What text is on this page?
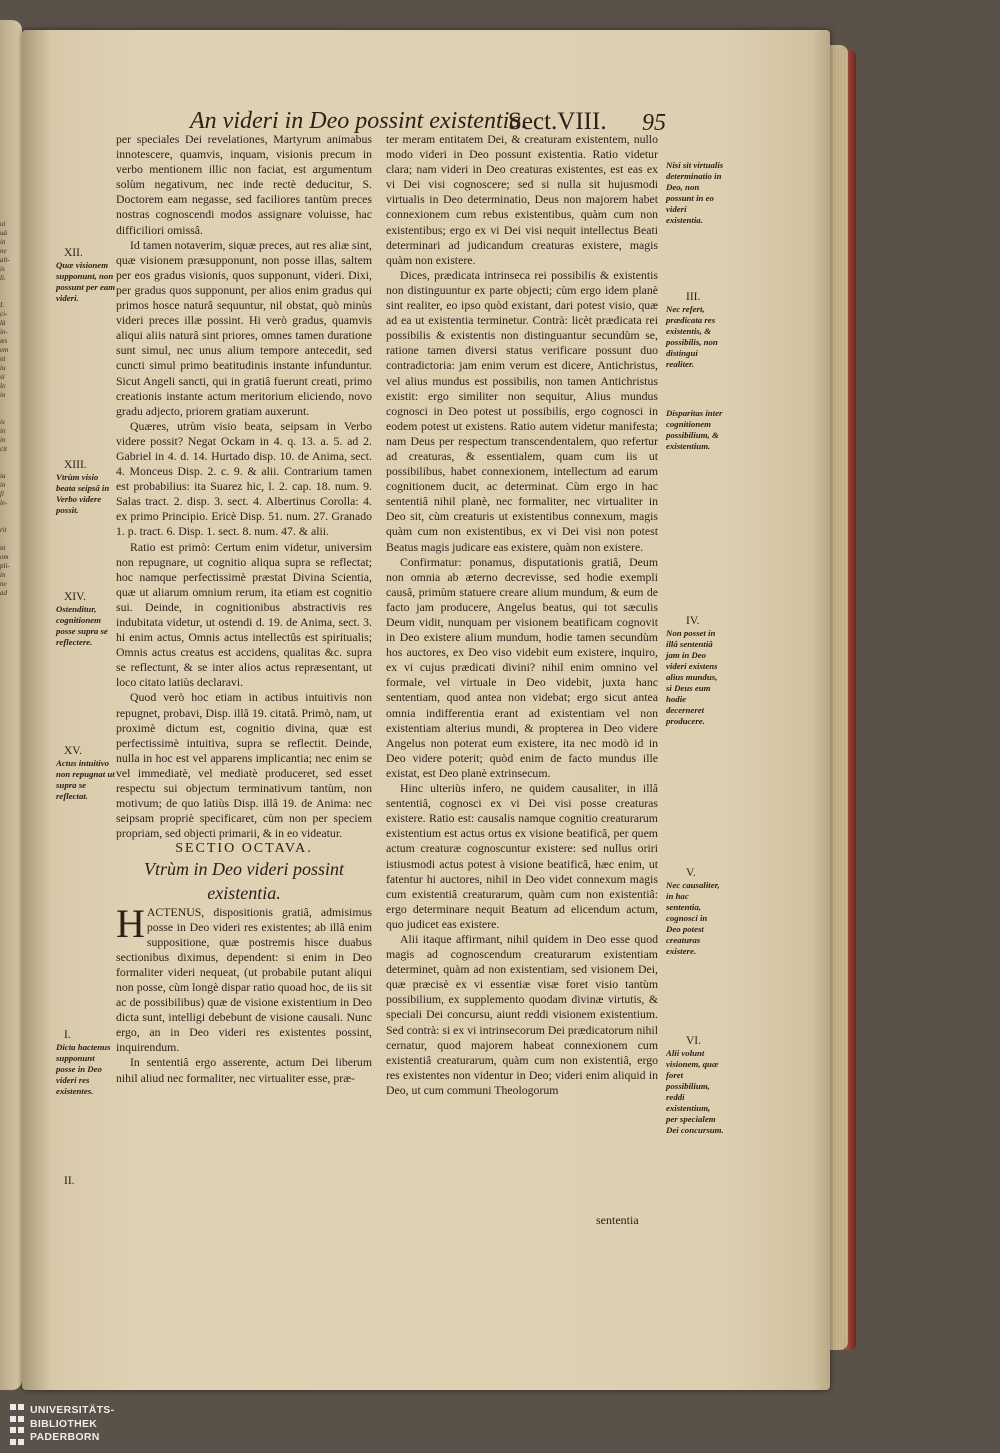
ui
uà
in
ne
alt-
is
li.

I.
ci-
là
in-
œs
em
nt
iu
si
lo
in

is
in
in
cit

ia
in
fi
le-

rit

nt
om
pli-
in
ne
ad
An videri in Deo possint existentia.
Sect.VIII. 95

per speciales Dei revelationes, Martyrum animabus innotescere, quamvis, inquam, visionis precum in verbo mentionem illic non faciat, est argumentum solùm negativum, nec inde rectè deducitur, S. Doctorem eam negasse, sed faciliores tantùm preces nostras cognoscendi modos assignare voluisse, hac difficiliori omissâ.

Id tamen notaverim, siquæ preces, aut res aliæ sint, quæ visionem præsupponunt, non posse illas, saltem per eos gradus visionis, quos supponunt, videri. Dixi, per gradus quos supponunt, per alios enim gradus qui primos hosce naturâ sequuntur, nil obstat, quò minùs videri preces illæ possint. Hi verò gradus, quamvis aliqui aliis naturâ sint priores, omnes tamen duratione sunt simul, nec unus alium tempore antecedit, sed cuncti simul primo beatitudinis instante infunduntur. Sicut Angeli sancti, qui in gratiâ fuerunt creati, primo creationis instante actum meritorium eliciendo, novo gradu adjecto, priorem gratiam auxerunt.

Quæres, utrùm visio beata, seipsam in Verbo videre possit? Negat Ockam in 4. q. 13. a. 5. ad 2. Gabriel in 4. d. 14. Hurtado disp. 10. de Anima, sect. 4. Monceus Disp. 2. c. 9. & alii. Contrarium tamen est probabilius: ita Suarez hic, l. 2. cap. 18. num. 9. Salas tract. 2. disp. 3. sect. 4. Albertinus Corolla: 4. ex primo Principio. Ericè Disp. 51. num. 27. Granado 1. p. tract. 6. Disp. 1. sect. 8. num. 47. & alii.

Ratio est primò: Certum enim videtur, universim non repugnare, ut cognitio aliqua supra se reflectat; hoc namque perfectissimè præstat Divina Scientia, quæ ut aliarum omnium rerum, ita etiam est cognitio sui. Deinde, in cognitionibus abstractivis res indubitata videtur, ut ostendi d. 19. de Anima, sect. 3. hi enim actus, Omnis actus intellectûs est spiritualis; Omnis actus creatus est accidens, qualitas &c. supra se reflectunt, & se inter alios actus repræsentant, ut loco citato latiùs declaravi.

Quod verò hoc etiam in actibus intuitivis non repugnet, probavi, Disp. illâ 19. citatâ. Primò, nam, ut proximè dictum est, cognitio divina, quæ est perfectissimè intuitiva, supra se reflectit. Deinde, nulla in hoc est vel apparens implicantia; nec enim se vel immediatè, vel mediatè produceret, sed esset respectu sui objectum terminativum tantùm, non motivum; de quo latiùs Disp. illâ 19. de Anima: nec seipsam propriè specificaret, cùm non per speciem propriam, sed objecti primarii, & in eo videatur.

SECTIO OCTAVA.

Vtrùm in Deo videri possint existentia.

HACTENUS, dispositionis gratiâ, admisimus posse in Deo videri res existentes; ab illâ enim suppositione, quæ postremis hisce duabus sectionibus diximus, dependent: si enim in Deo formaliter videri nequeat, (ut probabile putant aliqui non posse, cùm longè dispar ratio quoad hoc, de iis sit ac de possibilibus) quæ de visione existentium in Deo dicta sunt, intelligi debebunt de visione causali. Nunc ergo, an in Deo videri res existentes possint, inquirendum.

In sententiâ ergo asserente, actum Dei liberum nihil aliud nec formaliter, nec virtualiter esse, præ-

ter meram entitatem Dei, & creaturam existentem, nullo modo videri in Deo possunt existentia. Ratio videtur clara; nam videri in Deo creaturas existentes, est eas ex vi Dei visi cognoscere; sed si nulla sit hujusmodi virtualis in Deo determinatio, Deus non majorem habet connexionem cum rebus existentibus, quàm cum non existentibus; ergo ex vi Dei visi nequit intellectus Beati determinari ad judicandum creaturas existere, magis quàm non existere.

Dices, prædicata intrinseca rei possibilis & existentis non distinguuntur ex parte objecti; cùm ergo idem planè sint realiter, eo ipso quòd existant, dari potest visio, quæ ad ea ut existentia terminetur. Contrà: licèt prædicata rei possibilis & existentis non distinguantur secundùm se, ratione tamen diversi status verificare possunt duo contradictoria: jam enim verum est dicere, Antichristus, vel alius mundus est possibilis, non tamen Antichristus existit: ergo similiter non sequitur, Alius mundus cognosci in Deo potest ut possibilis, ergo cognosci in eodem potest ut existens. Ratio autem videtur manifesta; nam Deus per respectum transcendentalem, quo refertur ad creaturas, & essentialem, quam cum iis ut possibilibus, habet connexionem, intellectum ad earum cognitionem ducit, ac determinat. Cùm ergo in hac sententiâ nihil planè, nec formaliter, nec virtualiter in Deo sit, cùm creaturis ut existentibus connexum, magis quàm cum non existentibus, ex vi Dei visi non potest Beatus magis judicare eas existere, quàm non existere.

Confirmatur: ponamus, disputationis gratiâ, Deum non omnia ab æterno decrevisse, sed hodie exempli causâ, primùm statuere creare alium mundum, & eum de facto jam producere, Angelus beatus, qui tot sæculis Deum vidit, nunquam per visionem beatificam cognovit in Deo existere alium mundum, hodie tamen secundùm hos auctores, ex Deo viso videbit eum existere, inquiro, ex vi cujus prædicati divini? nihil enim omnino vel formale, vel virtuale in Deo videbit, juxta hanc sententiam, quod antea non videbat; ergo sicut antea omnia indifferentia erant ad existentiam vel non existentiam alterius mundi, & propterea in Deo videre Angelus non poterat eum existere, ita nec modò id in Deo videre poterit; quòd enim de facto mundus ille existat, est Deo planè extrinsecum.

Hinc ulteriùs infero, ne quidem causaliter, in illâ sententiâ, cognosci ex vi Dei visi posse creaturas existere. Ratio est: causalis namque cognitio creaturarum existentium est actus ortus ex visione beatificâ, per quem actum creaturæ cognoscuntur existere: sed nullus oriri istiusmodi actus potest à visione beatificâ, hæc enim, ut fatentur hi auctores, nihil in Deo videt connexum magis cum existentiâ creaturarum, quàm cum non existentiâ: ergo determinare nequit Beatum ad elicendum actum, quo judicet eas existere.

Alii itaque affirmant, nihil quidem in Deo esse quod magis ad cognoscendum creaturarum existentiam determinet, quàm ad non existentiam, sed visionem Dei, quæ præcisè ex vi essentiæ visæ foret visio tantùm possibilium, ex supplemento quodam divinæ virtutis, & speciali Dei concursu, aiunt reddi visionem existentium. Sed contrà: si ex vi intrinsecorum Dei prædicatorum nihil cernatur, quod majorem habeat connexionem cum existentiâ creaturarum, quàm cum non existentiâ, ergo res existentes non videntur in Deo; videri enim aliquid in Deo, ut cum communi Theologorum

sententia
XII.
Quæ visionem supponunt, non possunt per eam videri.
XIII.
Vtrùm visio beata seipsâ in Verbo videre possit.
XIV.
Ostenditur, cognitionem posse supra se reflectere.
XV.
Actus intuitivo non repugnat ut supra se reflectat.
I.
Dicta hactenus supponunt posse in Deo videri res existentes.
II.
Nisi sit virtualis determinatio in Deo, non possunt in eo videri existentia.
III.
Nec refert, prædicata res existentis, & possibilis, non distingui realiter.
Disparitas inter cognitionem possibilium, & existentium.
IV.
Non posset in illâ sententiâ jam in Deo videri existens alius mundus, si Deus eum hodie decerneret producere.
V.
Nec causaliter, in hac sententia, cognosci in Deo potest creaturas existere.
VI.
Alii volunt visionem, quæ foret possibilium, reddi existentium, per specialem Dei concursum.
UNIVERSITÄTS-
BIBLIOTHEK
PADERBORN
